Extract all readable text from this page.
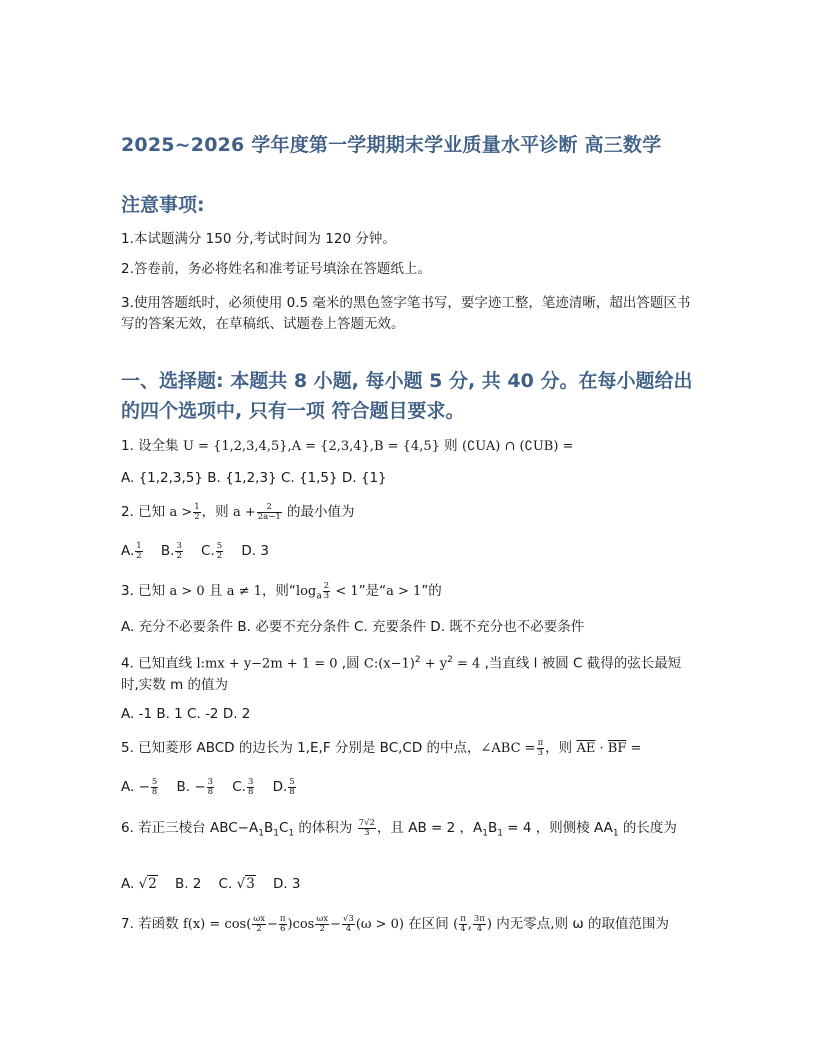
2025~2026 学年度第一学期期末学业质量水平诊断 高三数学
注意事项:
1.本试题满分 150 分,考试时间为 120 分钟。
2.答卷前，务必将姓名和准考证号填涂在答题纸上。
3.使用答题纸时，必须使用 0.5 毫米的黑色签字笔书写，要字迹工整，笔迹清晰，超出答题区书写的答案无效，在草稿纸、试题卷上答题无效。
一、选择题: 本题共 8 小题, 每小题 5 分, 共 40 分。在每小题给出的四个选项中, 只有一项 符合题目要求。
1. 设全集 U = {1,2,3,4,5},A = {2,3,4},B = {4,5} 则 (∁UA) ∩ (∁UB) =
A. {1,2,3,5} B. {1,2,3} C. {1,5} D. {1}
2. 已知 $a > \frac{1}{2}$ ，则 $a + \frac{2}{2a-1}$ 的最小值为
A. $\frac{1}{2} B$. $\frac{3}{2} C$. $\frac{5}{2} D$. 3
3. 已知 a > 0 且 a ≠ 1，则“$\log_a \frac{2}{3} < 1$”是“a > 1”的
A. 充分不必要条件 B. 必要不充分条件 C. 充要条件 D. 既不充分也不必要条件
4. 已知直线 l:mx + y−2m + 1 = 0 ,圆 $C:(x-1)^2 + y^2 = 4$ ,当直线 l 被圆 C 截得的弦长最短时,实数 m 的值为
A. -1 B. 1 C. -2 D. 2
5. 已知菱形 ABCD 的边长为 1,E,F 分别是 BC,CD 的中点，∠ABC = $\frac{\pi}{3}$ ，则 $\overline{AE} \cdot \overline{BF}$ =
A. − $\frac{5}{8} B$. − $\frac{3}{8} C$. $\frac{3}{8} D$. $\frac{5}{8}$
6. 若正三棱台 $ABC-A_1B_1C_1$ 的体积为 $\frac{7√2}{3}$ ，且 AB = 2 ，$A_1B_1 = 4$ ，则侧棱 $AA_1$ 的长度为
A. √2    B. 2    C. √3    D. 3
7. 若函数 $f(x) = \cos( \frac{\omega x}{2} - \frac{\pi}{6} )\cos \frac{\omega x}{2} - \frac{√3}{4} (\omega > 0)$ 在区间 ( $\frac{\pi}{4}$ , $\frac{3\pi}{4}$ ) 内无零点,则 ω 的取值范围为
